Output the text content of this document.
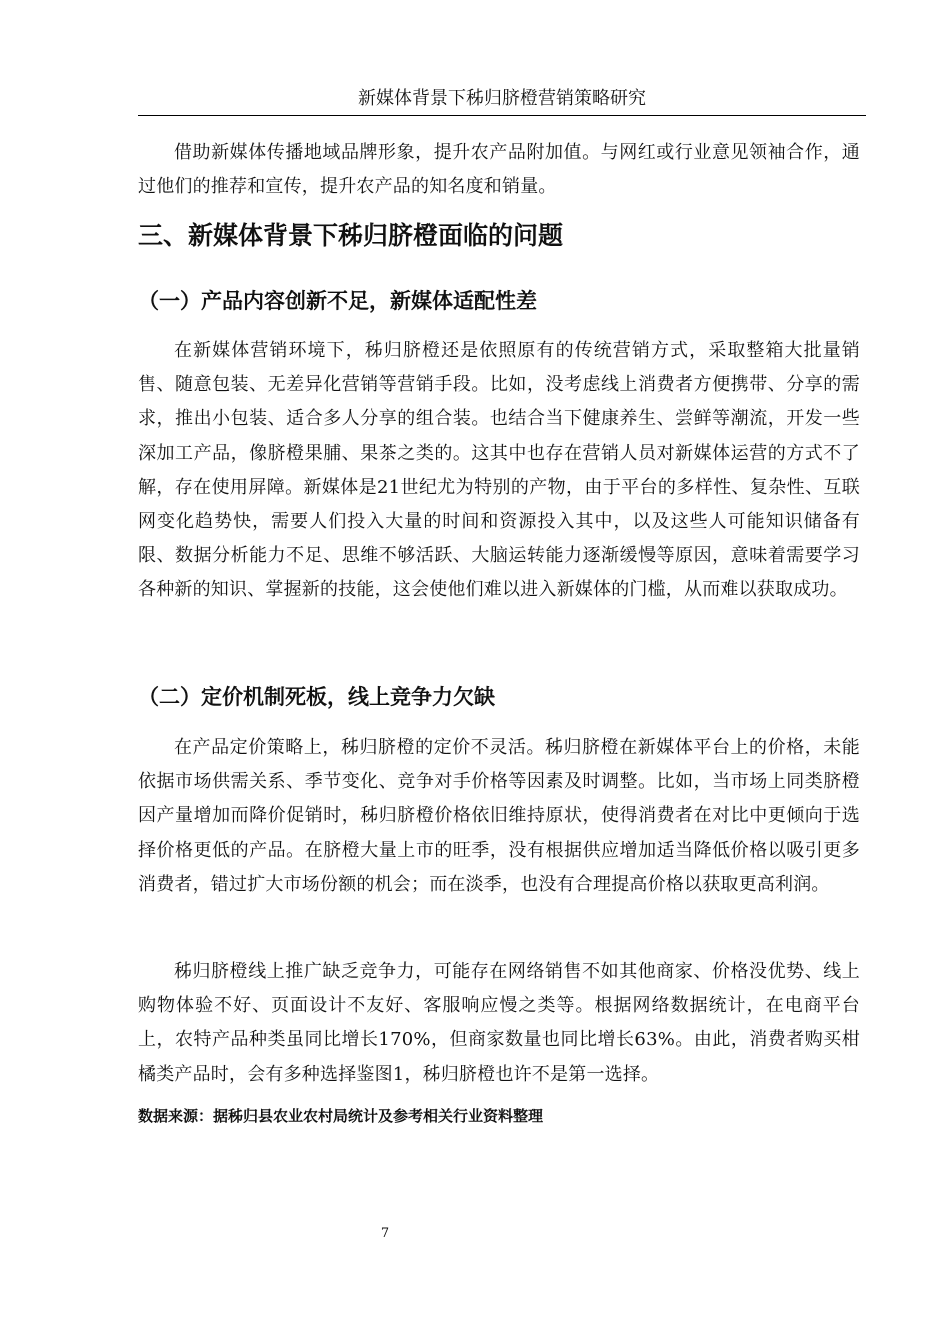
新媒体背景下秭归脐橙营销策略研究

借助新媒体传播地域品牌形象，提升农产品附加值。与网红或行业意见领袖合作，通过他们的推荐和宣传，提升农产品的知名度和销量。

三、新媒体背景下秭归脐橙面临的问题
（一）产品内容创新不足，新媒体适配性差

在新媒体营销环境下，秭归脐橙还是依照原有的传统营销方式，采取整箱大批量销售、随意包装、无差异化营销等营销手段。比如，没考虑线上消费者方便携带、分享的需求，推出小包装、适合多人分享的组合装。也结合当下健康养生、尝鲜等潮流，开发一些深加工产品，像脐橙果脯、果茶之类的。这其中也存在营销人员对新媒体运营的方式不了解，存在使用屏障。新媒体是21世纪尤为特别的产物，由于平台的多样性、复杂性、互联网变化趋势快，需要人们投入大量的时间和资源投入其中，以及这些人可能知识储备有限、数据分析能力不足、思维不够活跃、大脑运转能力逐渐缓慢等原因，意味着需要学习各种新的知识、掌握新的技能，这会使他们难以进入新媒体的门槛，从而难以获取成功。

（二）定价机制死板，线上竞争力欠缺

在产品定价策略上，秭归脐橙的定价不灵活。秭归脐橙在新媒体平台上的价格，未能依据市场供需关系、季节变化、竞争对手价格等因素及时调整。比如，当市场上同类脐橙因产量增加而降价促销时，秭归脐橙价格依旧维持原状，使得消费者在对比中更倾向于选择价格更低的产品。在脐橙大量上市的旺季，没有根据供应增加适当降低价格以吸引更多消费者，错过扩大市场份额的机会；而在淡季，也没有合理提高价格以获取更高利润。

秭归脐橙线上推广缺乏竞争力，可能存在网络销售不如其他商家、价格没优势、线上购物体验不好、页面设计不友好、客服响应慢之类等。根据网络数据统计，在电商平台上，农特产品种类虽同比增长170%，但商家数量也同比增长63%。由此，消费者购买柑橘类产品时，会有多种选择鉴图1，秭归脐橙也许不是第一选择。

数据来源：据秭归县农业农村局统计及参考相关行业资料整理

7
